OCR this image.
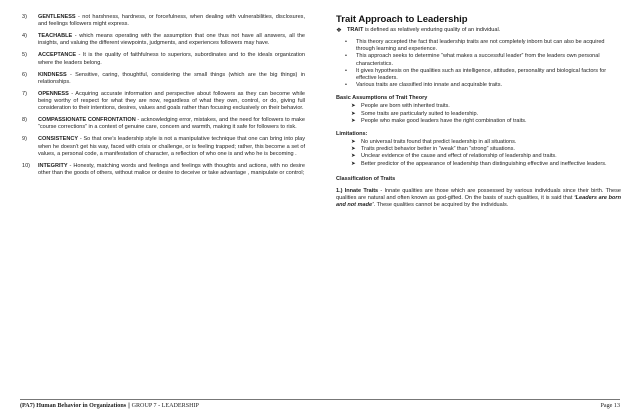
3)	GENTLENESS - not harshness, hardness, or forcefulness, when dealing with vulnerabilities, disclosures, and feelings followers might express.
4)	TEACHABLE - which means operating with the assumption that one thus not have all answers, all the insights, and valuing the different viewpoints, judgments, and experiences followers may have.
5)	ACCEPTANCE - It is the quality of faithfulness to superiors, subordinates and to the ideals organization where the leaders belong.
6)	KINDNESS - Sensitive, caring, thoughtful, considering the small things (which are the big things) in relationships.
7)	OPENNESS - Acquiring accurate information and perspective about followers as they can become while being worthy of respect for what they are now, regardless of what they own, control, or do, giving full consideration to their intentions, desires, values and goals rather than focusing exclusively on their behavior.
8)	COMPASSIONATE CONFRONTATION - acknowledging error, mistakes, and the need for followers to make “course corrections” in a context of genuine care, concern and warmth, making it safe for followers to risk.
9)	CONSISTENCY - So that one’s leadership style is not a manipulative technique that one can bring into play when he doesn’t get his way, faced with crisis or challenge, or is feeling trapped; rather, this become a set of values, a personal code, a manifestation of character, a reflection of who one is and who he is becoming .
10)	INTEGRITY - Honesty, matching words and feelings and feelings with thoughts and actions, with no desire other than the goods of others, without malice or desire to deceive or take advantage , manipulate or control;
Trait Approach to Leadership
❖ TRAIT is defined as relatively enduring quality of an individual.
•	This theory accepted the fact that leadership traits are not completely inborn but can also be acquired through learning and experience.
•	This approach seeks to determine “what makes a successful leader” from the leaders own personal characteristics.
•	It gives hypothesis on the qualities such as intelligence, attitudes, personality and biological factors for effective leaders.
•	Various traits are classified into innate and acquirable traits.
Basic Assumptions of Trait Theory
➤ People are born with inherited traits.
➤ Some traits are particularly suited to leadership.
➤ People who make good leaders have the right combination of traits.
Limitations:
➤ No universal traits found that predict leadership in all situations.
➤ Traits predict behavior better in “weak” than “strong” situations.
➤ Unclear evidence of the cause and effect of relationship of leadership and traits.
➤ Better predictor of the appearance of leadership than distinguishing effective and ineffective leaders.
Classification of Traits
1.) Innate Traits - Innate qualities are those which are possessed by various individuals since their birth. These qualities are natural and often known as god-gifted. On the basis of such qualities, it is said that ‘Leaders are born and not made’. These qualities cannot be acquired by the individuals.
(PA7) Human Behavior in Organizations || GROUP 7 - LEADERSHIP	Page 13
